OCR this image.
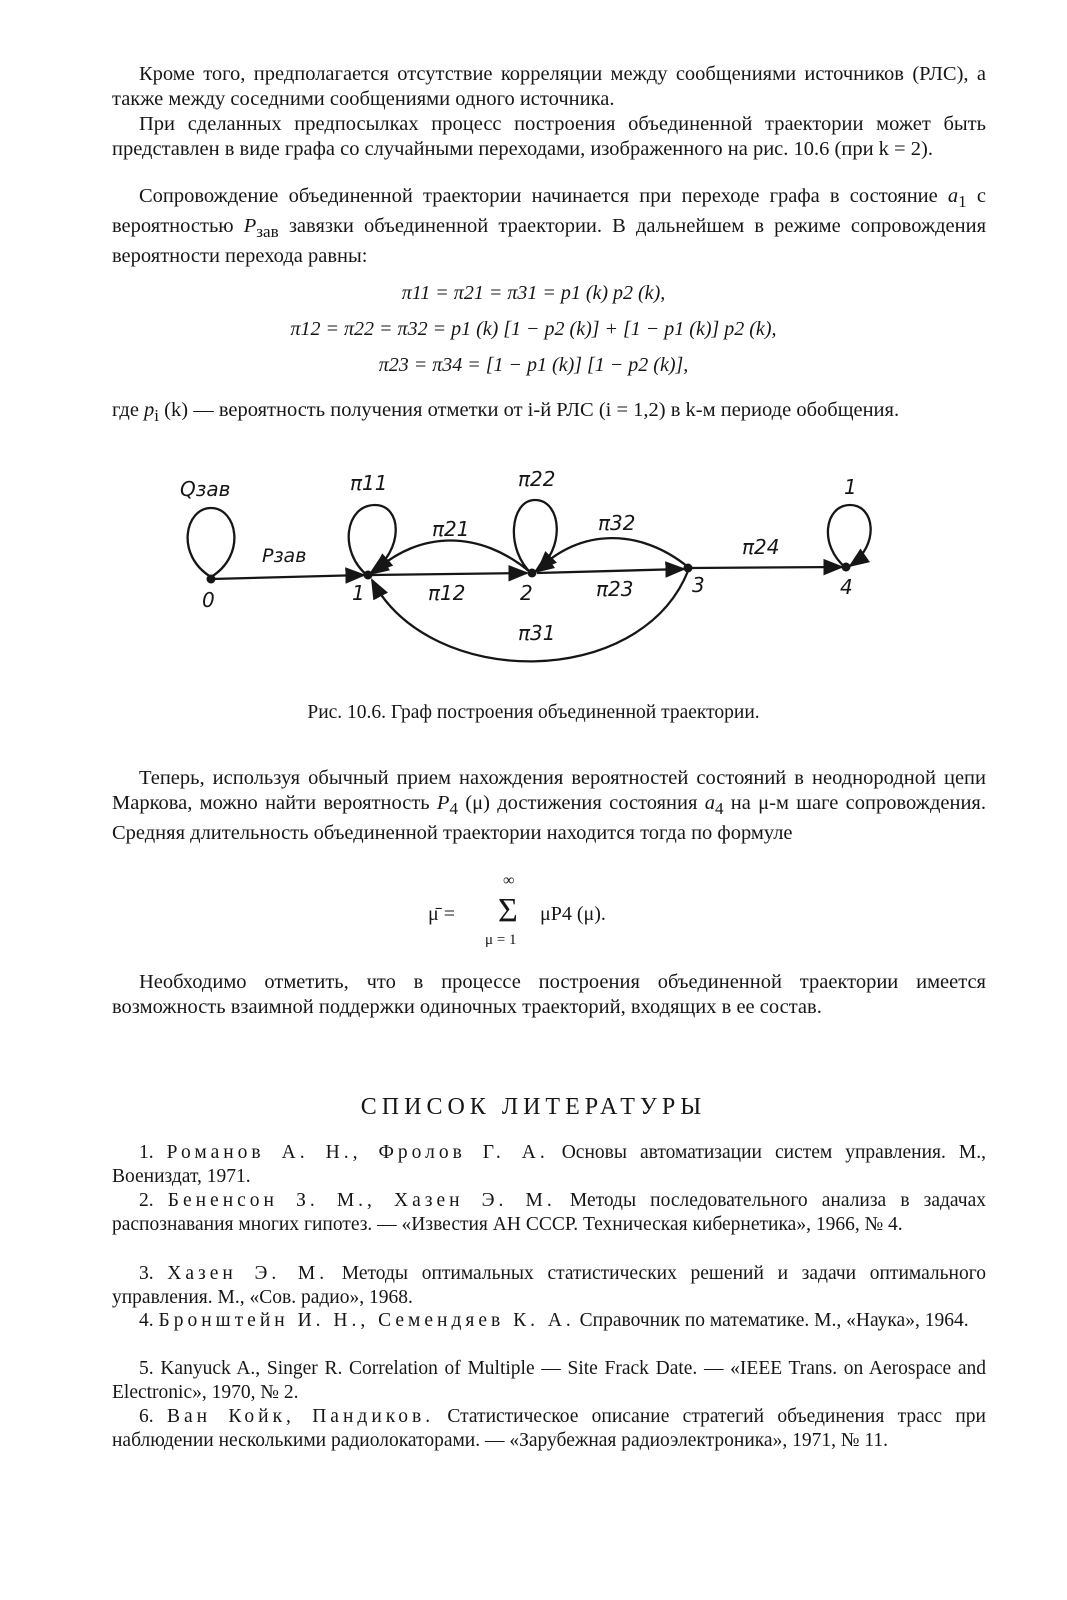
Кроме того, предполагается отсутствие корреляции между сообщениями источников (РЛС), а также между соседними сообщениями одного источника.

При сделанных предпосылках процесс построения объединенной траектории может быть представлен в виде графа со случайными переходами, изображенного на рис. 10.6 (при k = 2).

Сопровождение объединенной траектории начинается при переходе графа в состояние $a_1$ с вероятностью $P_{зав}$ завязки объединенной траектории. В дальнейшем в режиме сопровождения вероятности перехода равны:

π11 = π21 = π31 = p1 (k) p2 (k),
π12 = π22 = π32 = p1 (k) [1 − p2 (k)] + [1 − p1 (k)] p2 (k),
π23 = π34 = [1 − p1 (k)] [1 − p2 (k)],

где $p_i$ (k) — вероятность получения отметки от i-й РЛС (i = 1,2) в k-м периоде обобщения.

0	1	2	3	4
Qзав
Pзав
π11	π22
π21
π12
π32
π23
π24
π31
1
Рис. 10.6. Граф построения объединенной траектории.

Теперь, используя обычный прием нахождения вероятностей состояний в неоднородной цепи Маркова, можно найти вероятность $P_4$ (μ) достижения состояния $a_4$ на μ-м шаге сопровождения. Средняя длительность объединенной траектории находится тогда по формуле

μ̄ =
∞
Σ
μ = 1
μP4 (μ).

Необходимо отметить, что в процессе построения объединенной траектории имеется возможность взаимной поддержки одиночных траекторий, входящих в ее состав.

СПИСОК ЛИТЕРАТУРЫ

1. Романов А. Н., Фролов Г. А. Основы автоматизации систем управления. М., Воениздат, 1971.

2. Бененсон З. М., Хазен Э. М. Методы последовательного анализа в задачах распознавания многих гипотез. — «Известия АН СССР. Техническая кибернетика», 1966, № 4.

3. Хазен Э. М. Методы оптимальных статистических решений и задачи оптимального управления. М., «Сов. радио», 1968.

4. Бронштейн И. Н., Семендяев К. А. Справочник по математике. М., «Наука», 1964.

5. Kanyuck A., Singer R. Correlation of Multiple — Site Frack Date. — «IEEE Trans. on Aerospace and Electronic», 1970, № 2.

6. Ван Койк, Пандиков. Статистическое описание стратегий объединения трасс при наблюдении несколькими радиолокаторами. — «Зарубежная радиоэлектроника», 1971, № 11.
